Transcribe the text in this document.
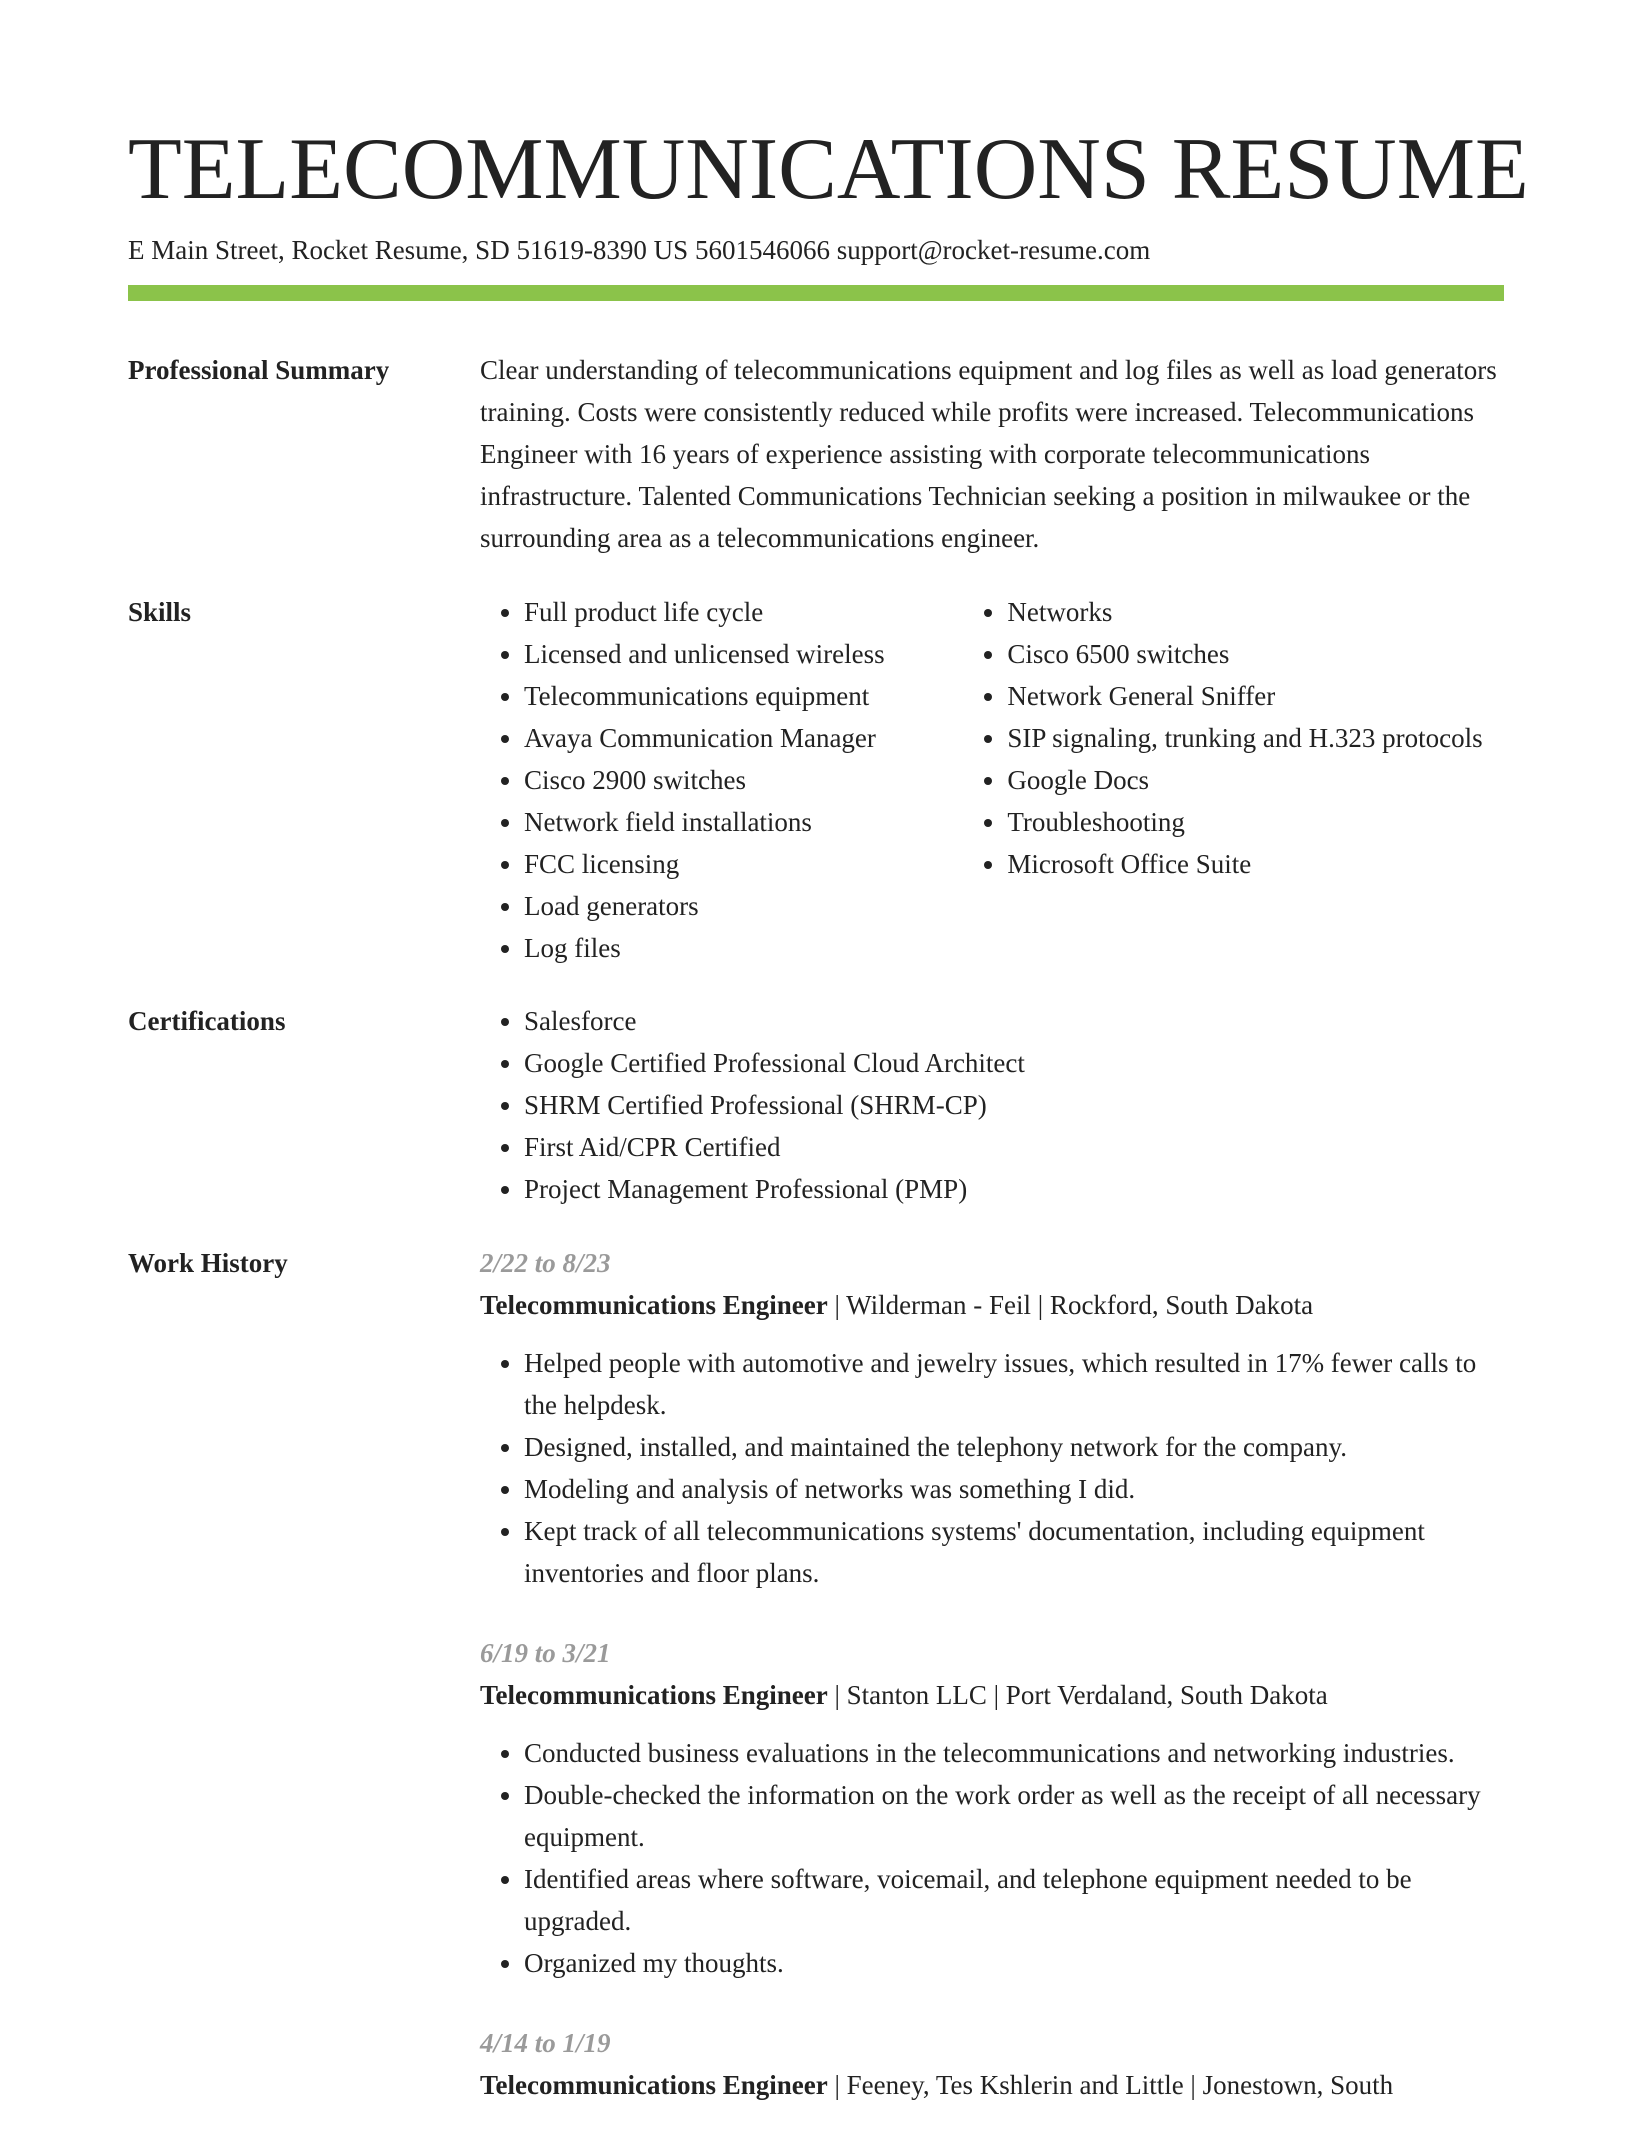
TELECOMMUNICATIONS RESUME
E Main Street, Rocket Resume, SD 51619-8390 US 5601546066 support@rocket-resume.com
Professional Summary	Clear understanding of telecommunications equipment and log files as well as load generators training. Costs were consistently reduced while profits were increased. Telecommunications Engineer with 16 years of experience assisting with corporate telecommunications infrastructure. Talented Communications Technician seeking a position in milwaukee or the surrounding area as a telecommunications engineer.

Skills	• Full product life cycle
• Licensed and unlicensed wireless
• Telecommunications equipment
• Avaya Communication Manager
• Cisco 2900 switches
• Network field installations
• FCC licensing
• Load generators
• Log files
• Networks
• Cisco 6500 switches
• Network General Sniffer
• SIP signaling, trunking and H.323 protocols
• Google Docs
• Troubleshooting
• Microsoft Office Suite
Certifications	• Salesforce
• Google Certified Professional Cloud Architect
• SHRM Certified Professional (SHRM-CP)
• First Aid/CPR Certified
• Project Management Professional (PMP)
Work History	2/22 to 8/23
Telecommunications Engineer | Wilderman - Feil | Rockford, South Dakota
• Helped people with automotive and jewelry issues, which resulted in 17% fewer calls to the helpdesk.
• Designed, installed, and maintained the telephony network for the company.
• Modeling and analysis of networks was something I did.
• Kept track of all telecommunications systems' documentation, including equipment inventories and floor plans.
6/19 to 3/21
Telecommunications Engineer | Stanton LLC | Port Verdaland, South Dakota
• Conducted business evaluations in the telecommunications and networking industries.
• Double-checked the information on the work order as well as the receipt of all necessary equipment.
• Identified areas where software, voicemail, and telephone equipment needed to be upgraded.
• Organized my thoughts.
4/14 to 1/19
Telecommunications Engineer | Feeney, Tes Kshlerin and Little | Jonestown, South
